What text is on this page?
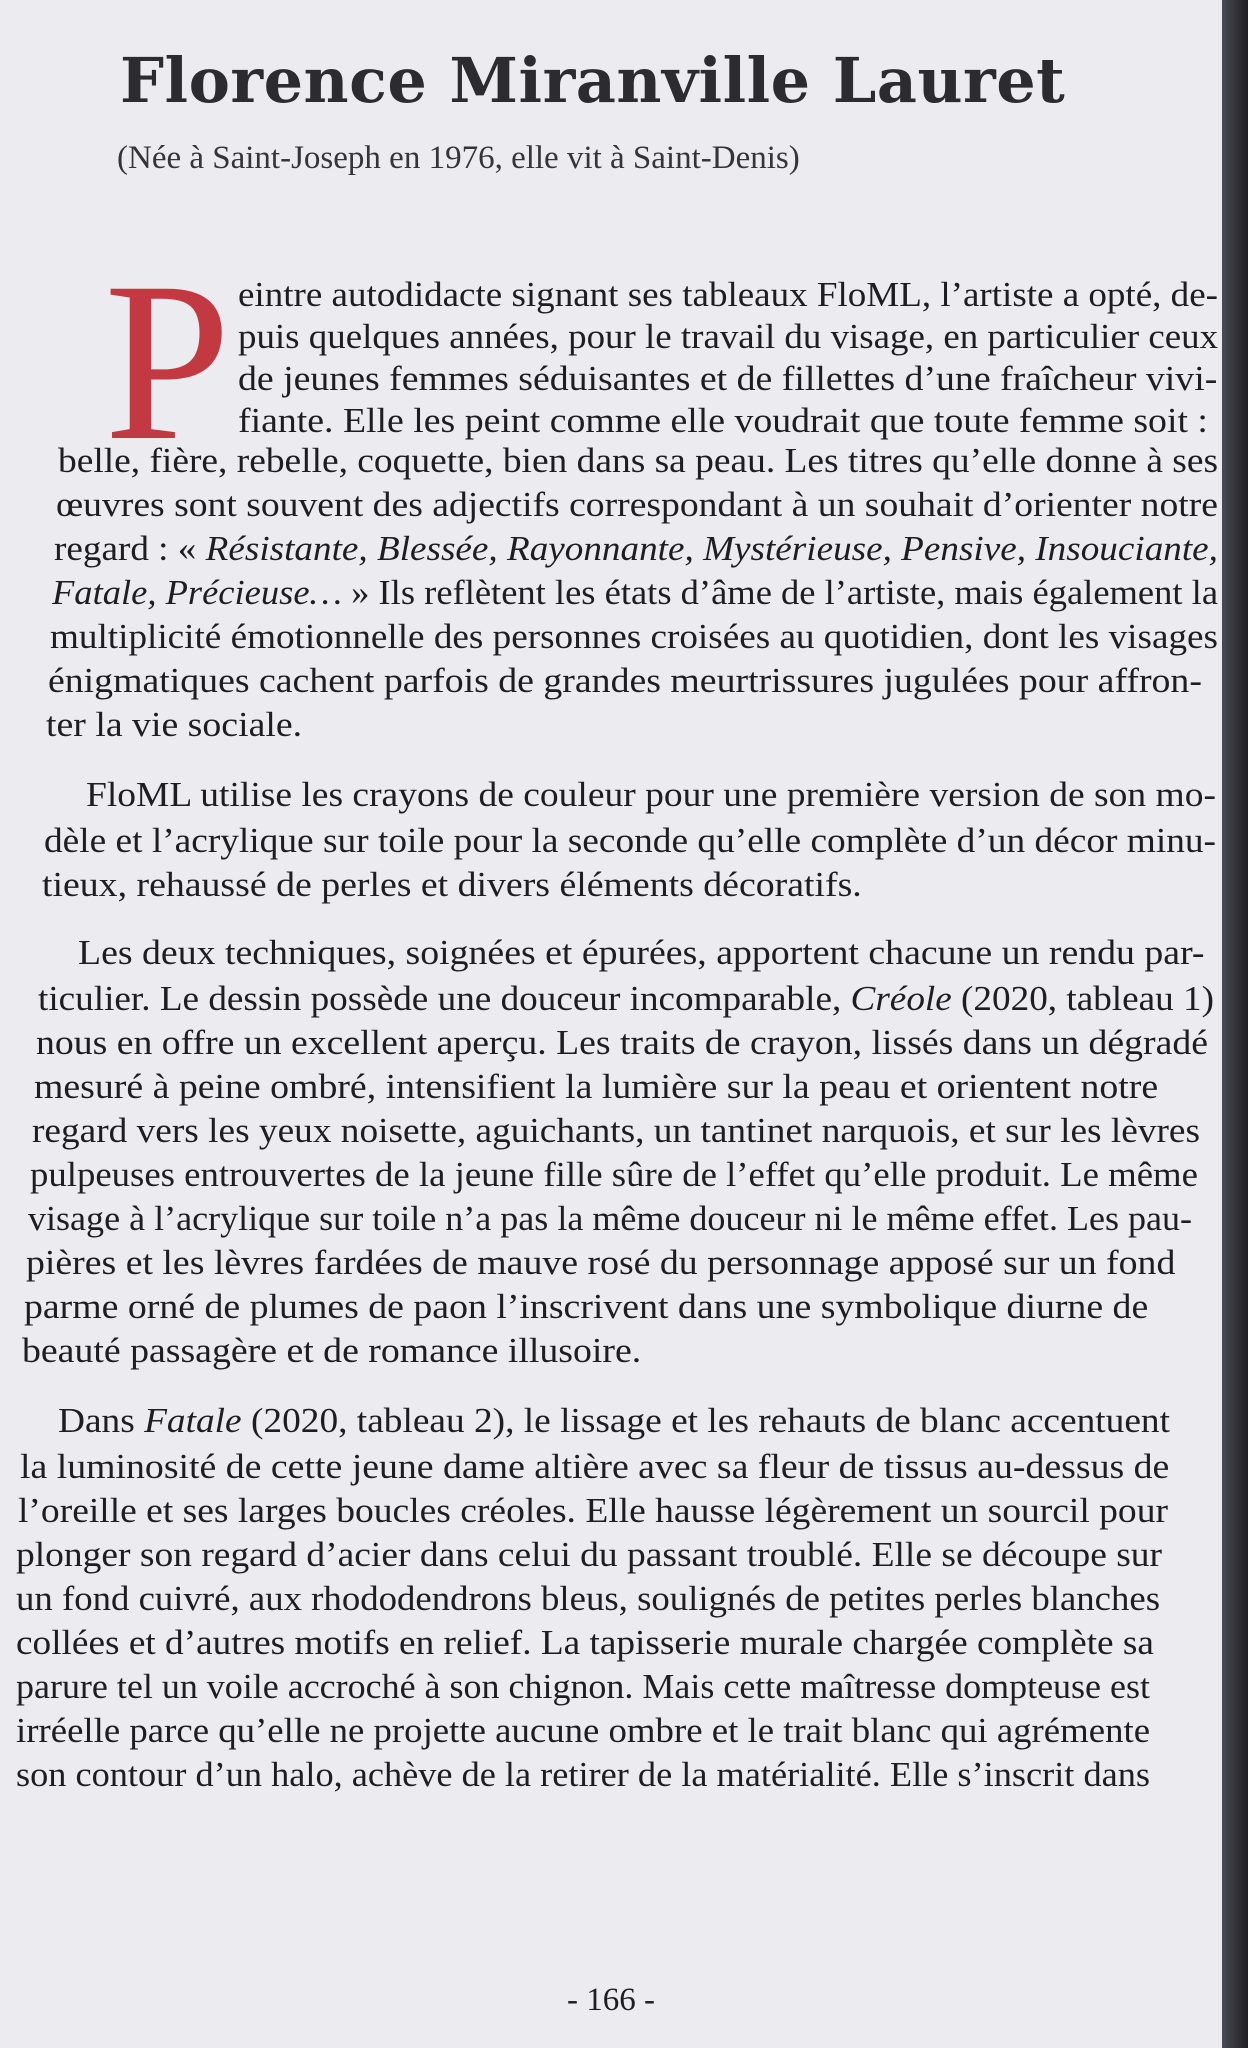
Florence Miranville Lauret

(Née à Saint-Joseph en 1976, elle vit à Saint-Denis)

P eintre autodidacte signant ses tableaux FloML, l’artiste a opté, de-
puis quelques années, pour le travail du visage, en particulier ceux
de jeunes femmes séduisantes et de fillettes d’une fraîcheur vivi-
fiante. Elle les peint comme elle voudrait que toute femme soit :
belle, fière, rebelle, coquette, bien dans sa peau. Les titres qu’elle donne à ses
œuvres sont souvent des adjectifs correspondant à un souhait d’orienter notre
regard : « Résistante, Blessée, Rayonnante, Mystérieuse, Pensive, Insouciante,
Fatale, Précieuse… » Ils reflètent les états d’âme de l’artiste, mais également la
multiplicité émotionnelle des personnes croisées au quotidien, dont les visages
énigmatiques cachent parfois de grandes meurtrissures jugulées pour affron-
ter la vie sociale.
FloML utilise les crayons de couleur pour une première version de son mo-
dèle et l’acrylique sur toile pour la seconde qu’elle complète d’un décor minu-
tieux, rehaussé de perles et divers éléments décoratifs.
Les deux techniques, soignées et épurées, apportent chacune un rendu par-
ticulier. Le dessin possède une douceur incomparable, Créole (2020, tableau 1)
nous en offre un excellent aperçu. Les traits de crayon, lissés dans un dégradé
mesuré à peine ombré, intensifient la lumière sur la peau et orientent notre
regard vers les yeux noisette, aguichants, un tantinet narquois, et sur les lèvres
pulpeuses entrouvertes de la jeune fille sûre de l’effet qu’elle produit. Le même
visage à l’acrylique sur toile n’a pas la même douceur ni le même effet. Les pau-
pières et les lèvres fardées de mauve rosé du personnage apposé sur un fond
parme orné de plumes de paon l’inscrivent dans une symbolique diurne de
beauté passagère et de romance illusoire.
Dans Fatale (2020, tableau 2), le lissage et les rehauts de blanc accentuent
la luminosité de cette jeune dame altière avec sa fleur de tissus au-dessus de
l’oreille et ses larges boucles créoles. Elle hausse légèrement un sourcil pour
plonger son regard d’acier dans celui du passant troublé. Elle se découpe sur
un fond cuivré, aux rhododendrons bleus, soulignés de petites perles blanches
collées et d’autres motifs en relief. La tapisserie murale chargée complète sa
parure tel un voile accroché à son chignon. Mais cette maîtresse dompteuse est
irréelle parce qu’elle ne projette aucune ombre et le trait blanc qui agrémente
son contour d’un halo, achève de la retirer de la matérialité. Elle s’inscrit dans
- 166 -
